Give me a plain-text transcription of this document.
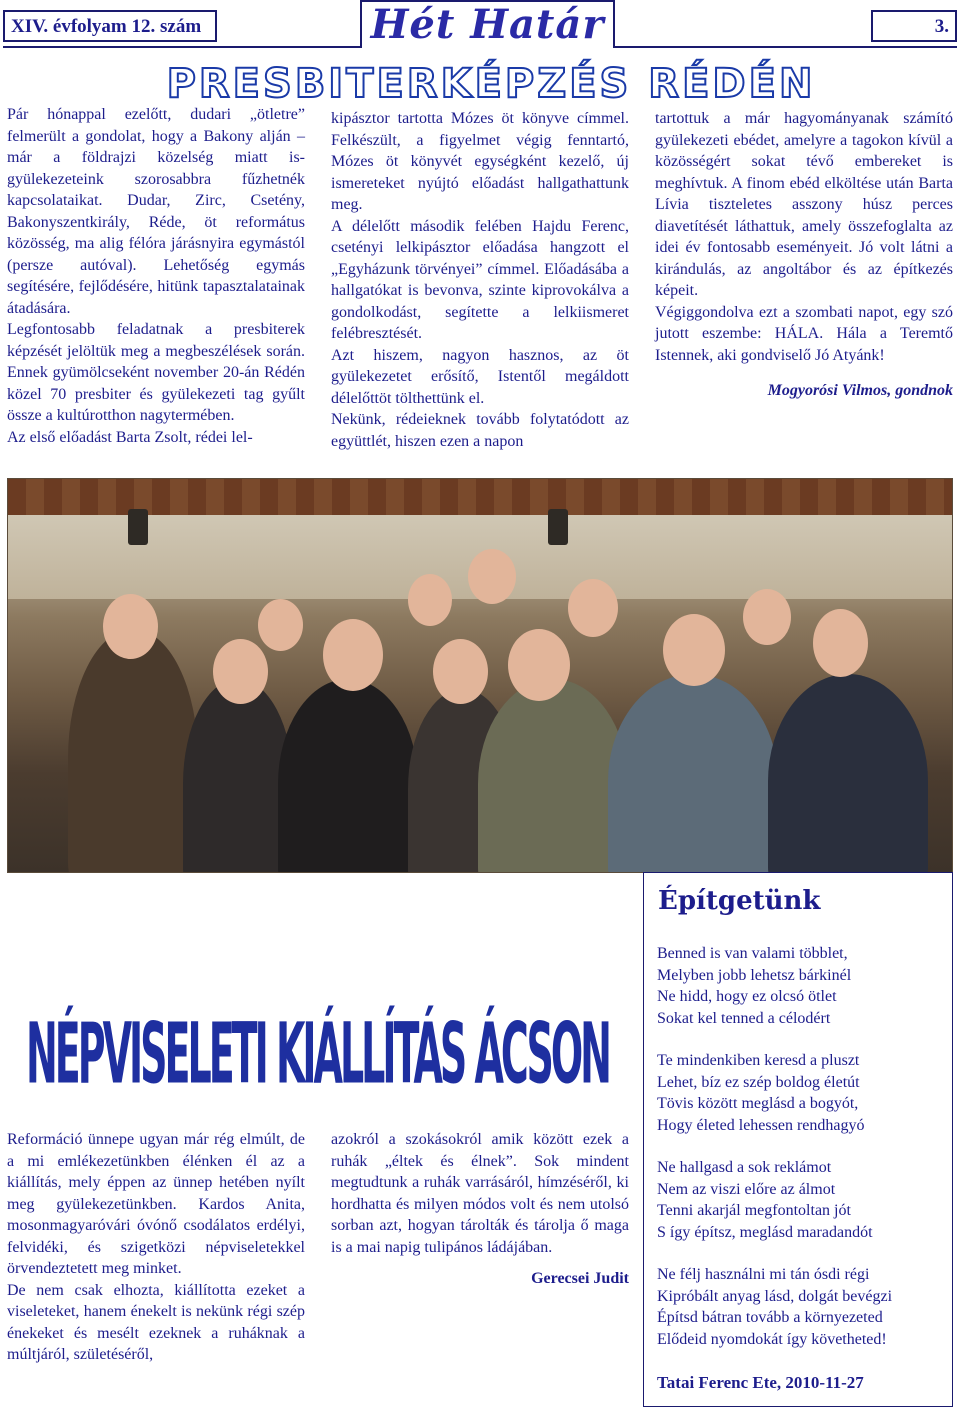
XIV. évfolyam 12. szám	Hét Határ	3.
PRESBITERKÉPZÉS RÉDÉN

Pár hónappal ezelőtt, dudari „ötletre” felmerült a gondolat, hogy a Bakony alján –már a földrajzi közelség miatt is- gyülekezeteink szorosabbra fűzhetnék kapcsolataikat. Dudar, Zirc, Csetény, Bakonyszentkirály, Réde, öt református közösség, ma alig félóra járásnyira egymástól (persze autóval). Lehetőség egymás segítésére, fejlődésére, hitünk tapasztalatainak átadására.

Legfontosabb feladatnak a presbiterek képzését jelöltük meg a megbeszélések során. Ennek gyümölcseként november 20-án Rédén közel 70 presbiter és gyülekezeti tag gyűlt össze a kultúrotthon nagytermében.

Az első előadást Barta Zsolt, rédei lel-

kipásztor tartotta Mózes öt könyve címmel. Felkészült, a figyelmet végig fenntartó, Mózes öt könyvét egységként kezelő, új ismereteket nyújtó előadást hallgathattunk meg.

A délelőtt második felében Hajdu Ferenc, csetényi lelkipásztor előadása hangzott el „Egyházunk törvényei” címmel. Előadásába a hallgatókat is bevonva, szinte kiprovokálva a gondolkodást, segítette a lelkiismeret felébresztését.

Azt hiszem, nagyon hasznos, az öt gyülekezetet erősítő, Istentől megáldott délelőttöt tölthettünk el.

Nekünk, rédeieknek tovább folytatódott az együttlét, hiszen ezen a napon

tartottuk a már hagyományanak számító gyülekezeti ebédet, amelyre a tagokon kívül a közösségért sokat tévő embereket is meghívtuk. A finom ebéd elköltése után Barta Lívia tiszteletes asszony húsz perces diavetítését láthattuk, amely összefoglalta az idei év fontosabb eseményeit. Jó volt látni a kirándulás, az angoltábor és az építkezés képeit.

Végiggondolva ezt a szombati napot, egy szó jutott eszembe: HÁLA. Hála a Teremtő Istennek, aki gondviselő Jó Atyánk!

Mogyorósi Vilmos, gondnok

Építgetünk
Benned is van valami többlet,
Melyben jobb lehetsz bárkinél
Ne hidd, hogy ez olcsó ötlet
Sokat kel tenned a célodért
Te mindenkiben keresd a pluszt
Lehet, bíz ez szép boldog életút
Tövis között meglásd a bogyót,
Hogy életed lehessen rendhagyó
Ne hallgasd a sok reklámot
Nem az viszi előre az álmot
Tenni akarjál megfontoltan jót
S így építsz, meglásd maradandót
Ne félj használni mi tán ósdi régi
Kipróbált anyag lásd, dolgát bevégzi
Építsd bátran tovább a környezeted
Elődeid nyomdokát így követheted!
Tatai Ferenc Ete, 2010-11-27
NÉPVISELETI KIÁLLÍTÁS ÁCSON

Reformáció ünnepe ugyan már rég elmúlt, de a mi emlékezetünkben élénken él az a kiállítás, mely éppen az ünnep hetében nyílt meg gyülekezetünkben. Kardos Anita, mosonmagyaróvári óvónő csodálatos erdélyi, felvidéki, és szigetközi népviseletekkel örvendeztetett meg minket.

De nem csak elhozta, kiállította ezeket a viseleteket, hanem énekelt is nekünk régi szép énekeket és mesélt ezeknek a ruháknak a múltjáról, születéséről,

azokról a szokásokról amik között ezek a ruhák „éltek és élnek”. Sok mindent megtudtunk a ruhák varrásáról, hímzéséről, ki hordhatta és milyen módos volt és nem utolsó sorban azt, hogyan tárolták és tárolja ő maga is a mai napig tulipános ládájában.

Gerecsei Judit
